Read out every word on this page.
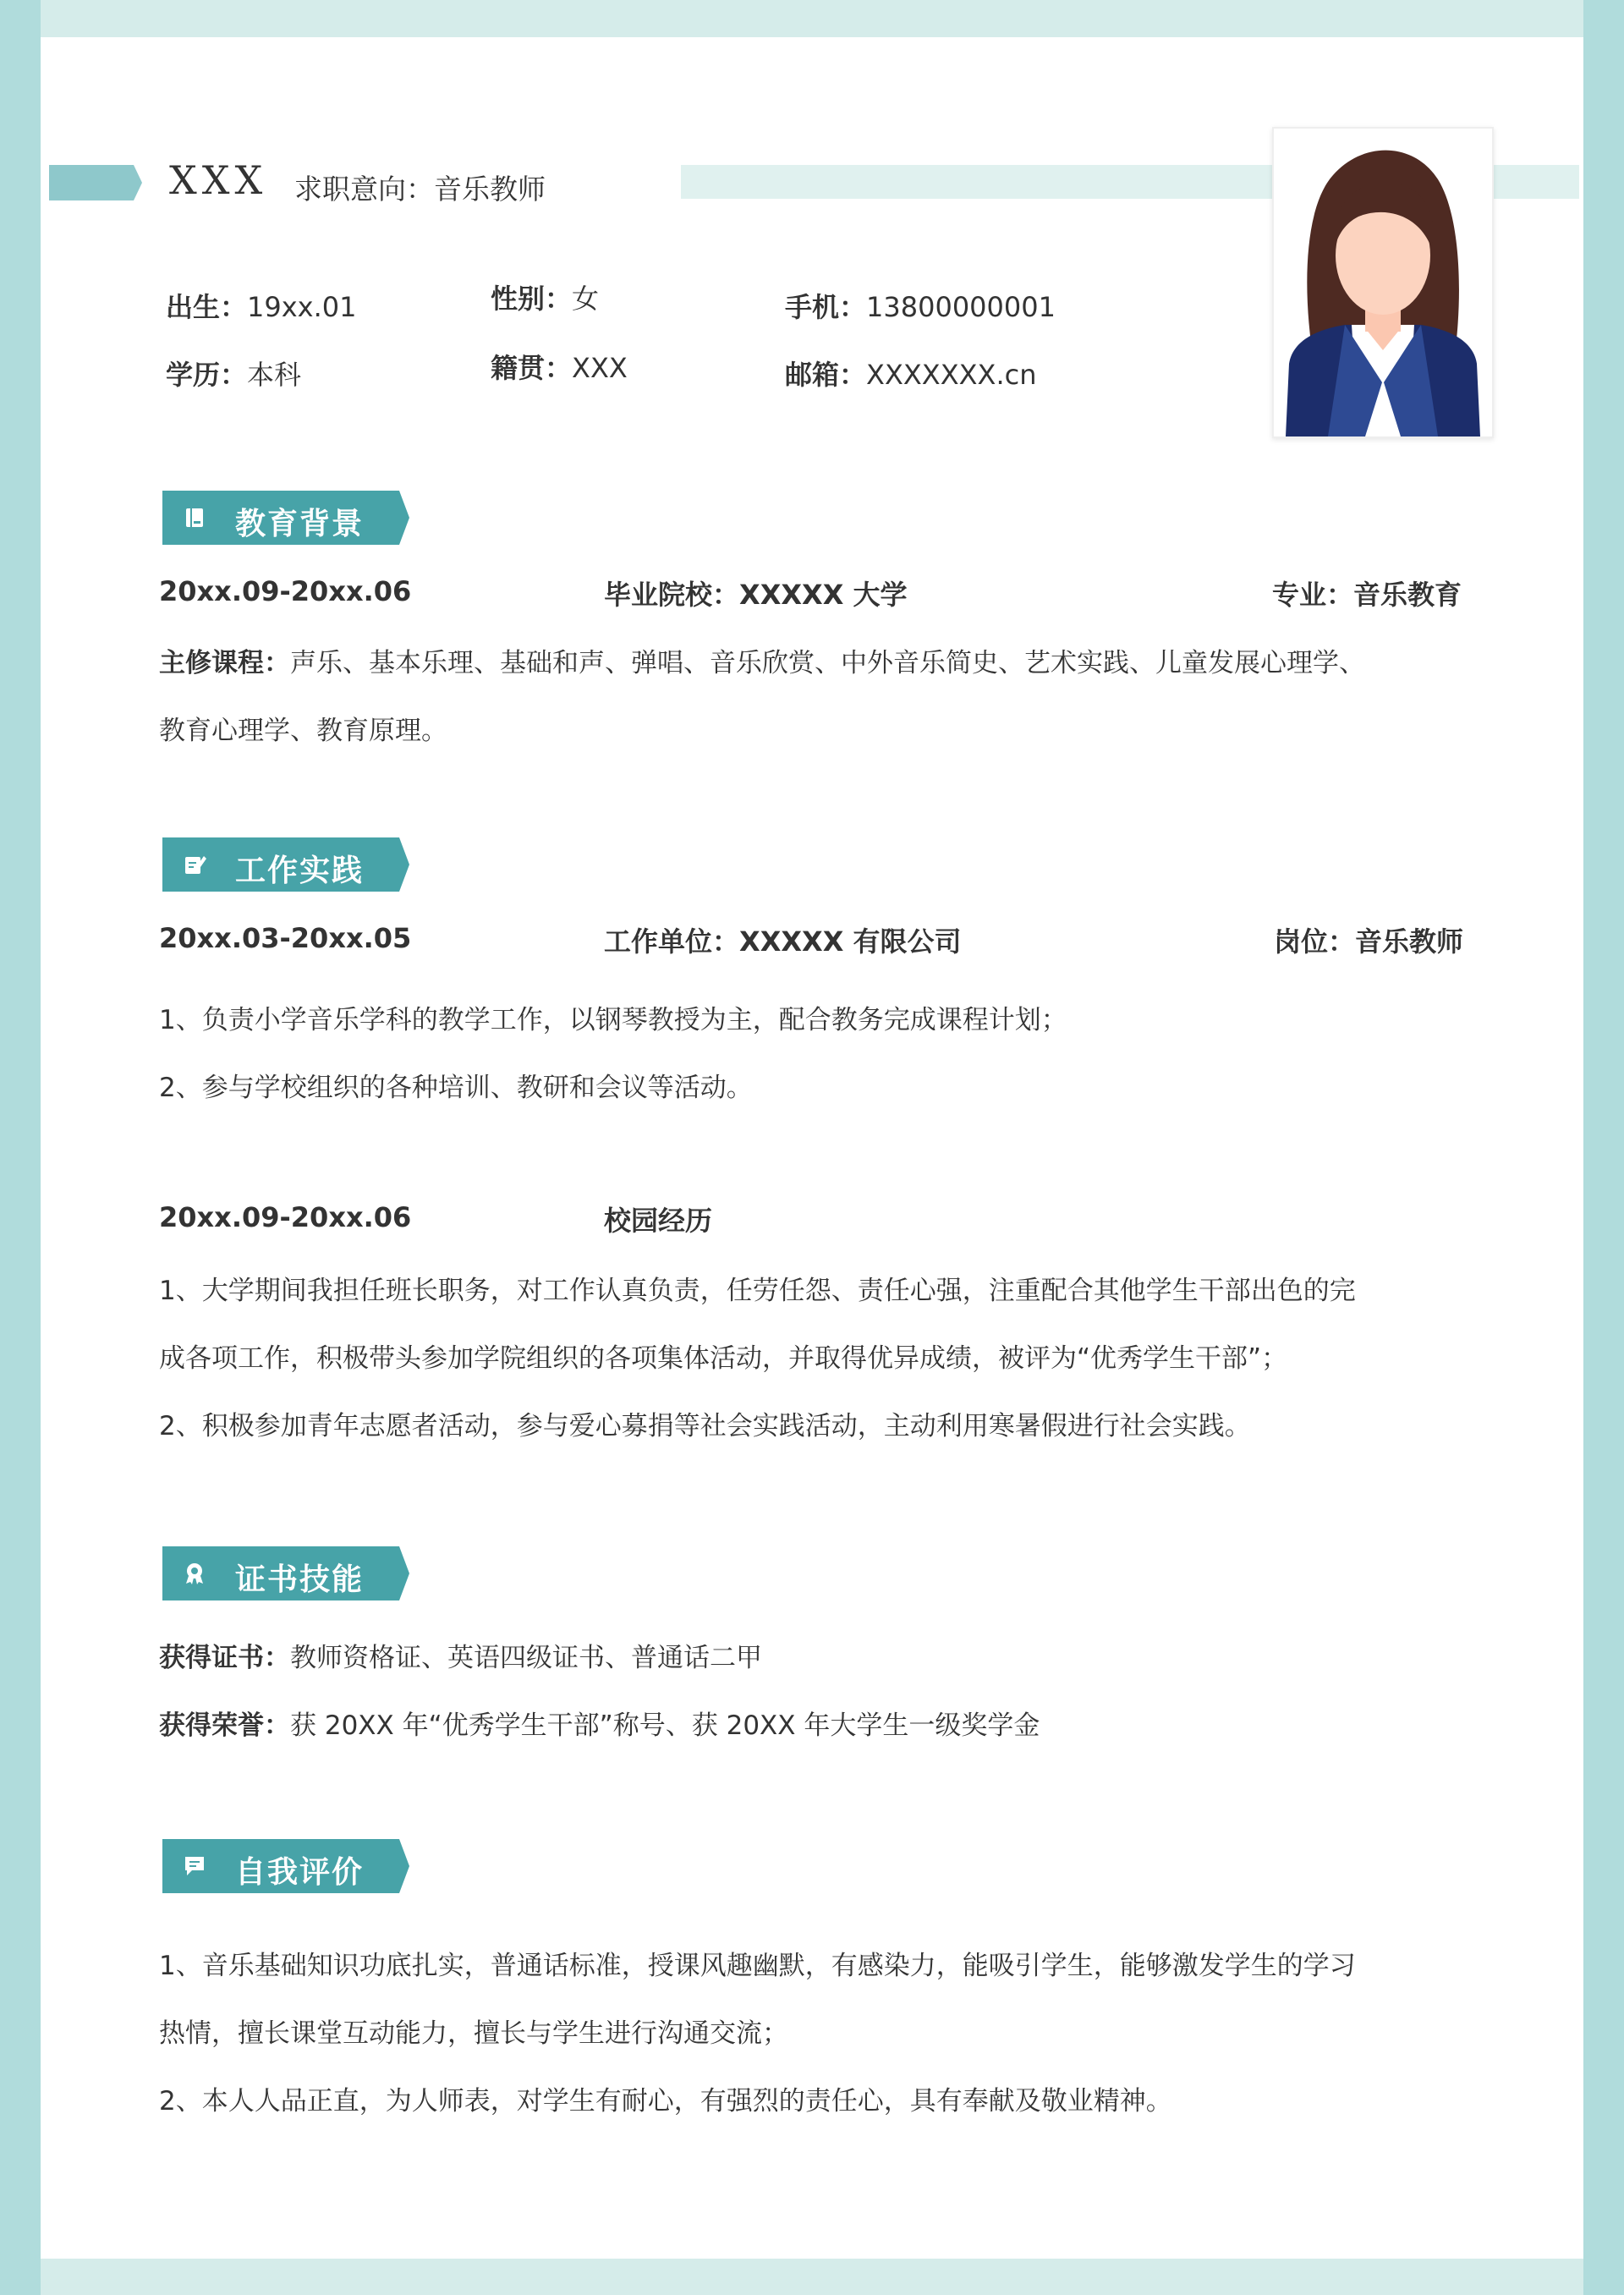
XXX 求职意向：音乐教师
出生：19xx.01	性别：女	手机：13800000001
学历：本科	籍贯：XXX	邮箱：XXXXXXX.cn
教育背景
20xx.09-20xx.06	毕业院校：XXXXX 大学	专业：音乐教育
主修课程：声乐、基本乐理、基础和声、弹唱、音乐欣赏、中外音乐简史、艺术实践、儿童发展心理学、
教育心理学、教育原理。
工作实践
20xx.03-20xx.05	工作单位：XXXXX 有限公司	岗位：音乐教师
1、负责小学音乐学科的教学工作，以钢琴教授为主，配合教务完成课程计划；
2、参与学校组织的各种培训、教研和会议等活动。
20xx.09-20xx.06	校园经历
1、大学期间我担任班长职务，对工作认真负责，任劳任怨、责任心强，注重配合其他学生干部出色的完
成各项工作，积极带头参加学院组织的各项集体活动，并取得优异成绩，被评为“优秀学生干部”；
2、积极参加青年志愿者活动，参与爱心募捐等社会实践活动，主动利用寒暑假进行社会实践。
证书技能
获得证书：教师资格证、英语四级证书、普通话二甲
获得荣誉：获 20XX 年“优秀学生干部”称号、获 20XX 年大学生一级奖学金
自我评价
1、音乐基础知识功底扎实，普通话标准，授课风趣幽默，有感染力，能吸引学生，能够激发学生的学习
热情，擅长课堂互动能力，擅长与学生进行沟通交流；
2、本人人品正直，为人师表，对学生有耐心，有强烈的责任心，具有奉献及敬业精神。
